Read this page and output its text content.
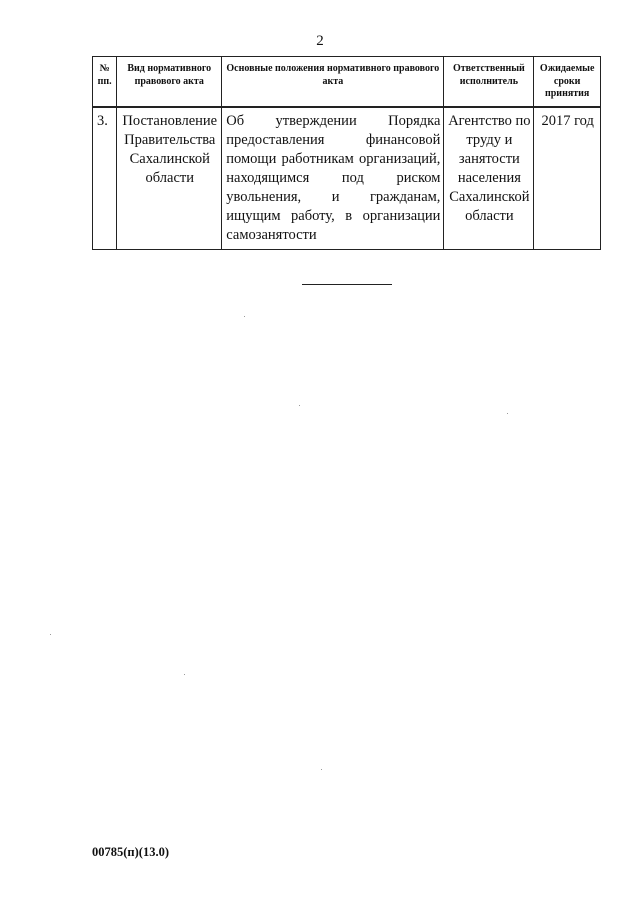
2
№ пп.	Вид нормативного правового акта	Основные положения нормативного правового акта	Ответственный исполнитель	Ожидаемые сроки принятия
3.	Постановление Правительства Сахалинской области	Об утверждении Порядка предоставления финансовой помощи работникам организаций, находящимся под риском увольнения, и гражданам, ищущим работу, в организации самозанятости	Агентство по труду и занятости населения Сахалинской области	2017 год
00785(п)(13.0)
